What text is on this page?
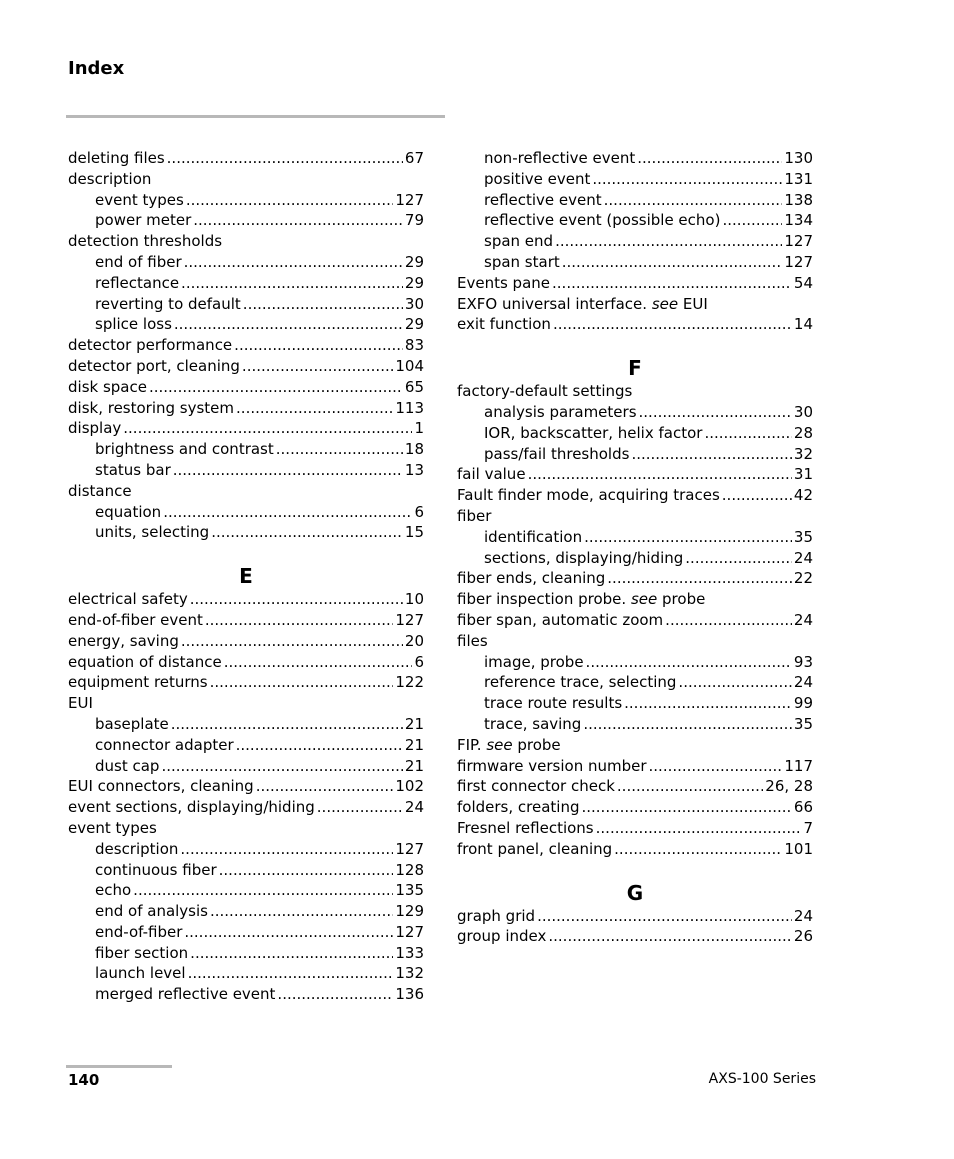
Index
deleting files .....	67
description
event types .....	127
power meter .....	79
detection thresholds
end of fiber .....	29
reflectance .....	29
reverting to default .....	30
splice loss .....	29
detector performance .....	83
detector port, cleaning .....	104
disk space .....	65
disk, restoring system .....	113
display .....	1
brightness and contrast .....	18
status bar .....	13
distance
equation .....	6
units, selecting .....	15
E
electrical safety .....	10
end-of-fiber event .....	127
energy, saving .....	20
equation of distance .....	6
equipment returns .....	122
EUI
baseplate .....	21
connector adapter .....	21
dust cap .....	21
EUI connectors, cleaning .....	102
event sections, displaying/hiding .....	24
event types
description .....	127
continuous fiber .....	128
echo .....	135
end of analysis .....	129
end-of-fiber .....	127
fiber section .....	133
launch level .....	132
merged reflective event .....	136
non-reflective event .....	130
positive event .....	131
reflective event .....	138
reflective event (possible echo) .....	134
span end .....	127
span start .....	127
Events pane .....	54
EXFO universal interface. see EUI
exit function .....	14
F
factory-default settings
analysis parameters .....	30
IOR, backscatter, helix factor .....	28
pass/fail thresholds .....	32
fail value .....	31
Fault finder mode, acquiring traces .....	42
fiber
identification .....	35
sections, displaying/hiding .....	24
fiber ends, cleaning .....	22
fiber inspection probe. see probe
fiber span, automatic zoom .....	24
files
image, probe .....	93
reference trace, selecting .....	24
trace route results .....	99
trace, saving .....	35
FIP. see probe
firmware version number .....	117
first connector check .....	26, 28
folders, creating .....	66
Fresnel reflections .....	7
front panel, cleaning .....	101
G
graph grid .....	24
group index .....	26
140	AXS-100 Series
